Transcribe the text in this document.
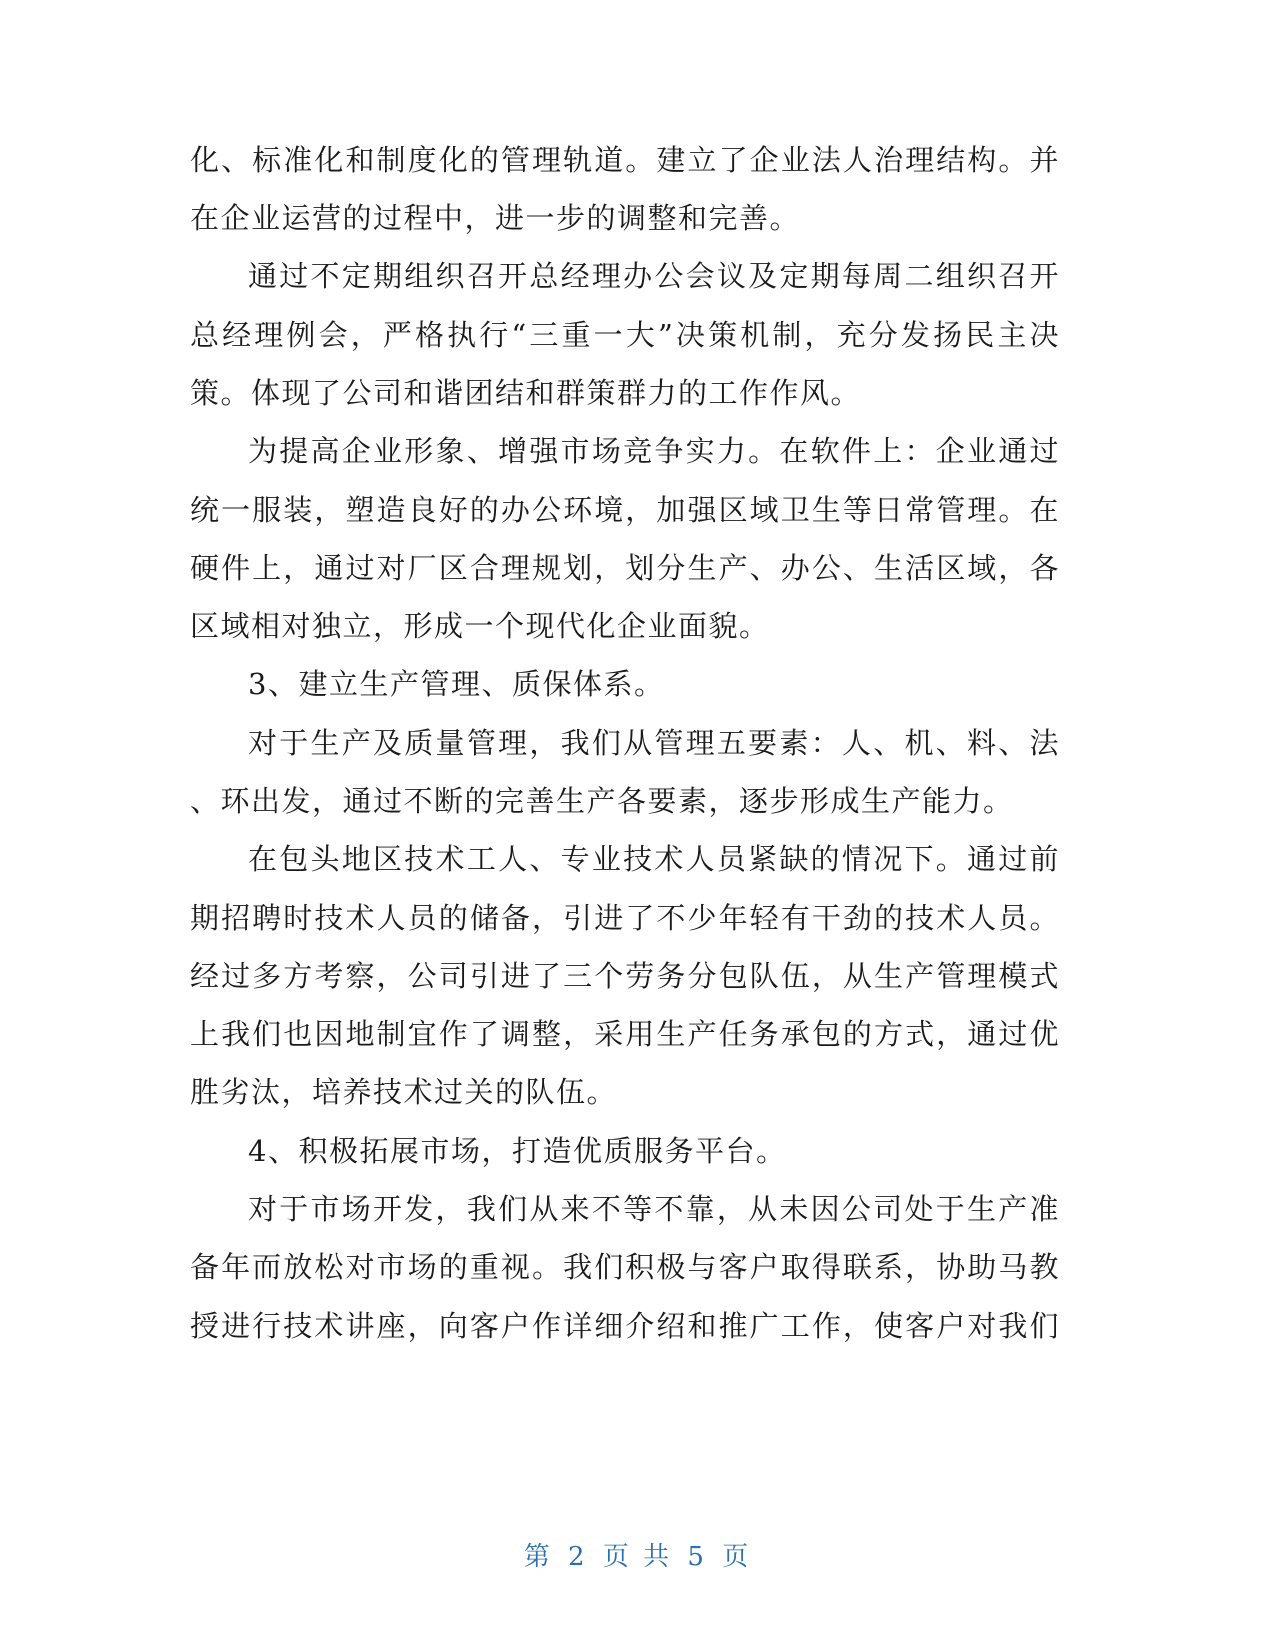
化、标准化和制度化的管理轨道。建立了企业法人治理结构。并
在企业运营的过程中，进一步的调整和完善。
通过不定期组织召开总经理办公会议及定期每周二组织召开
总经理例会，严格执行“三重一大”决策机制，充分发扬民主决
策。体现了公司和谐团结和群策群力的工作作风。
为提高企业形象、增强市场竞争实力。在软件上：企业通过
统一服装，塑造良好的办公环境，加强区域卫生等日常管理。在
硬件上，通过对厂区合理规划，划分生产、办公、生活区域，各
区域相对独立，形成一个现代化企业面貌。
3、建立生产管理、质保体系。
对于生产及质量管理，我们从管理五要素：人、机、料、法
、环出发，通过不断的完善生产各要素，逐步形成生产能力。
在包头地区技术工人、专业技术人员紧缺的情况下。通过前
期招聘时技术人员的储备，引进了不少年轻有干劲的技术人员。
经过多方考察，公司引进了三个劳务分包队伍，从生产管理模式
上我们也因地制宜作了调整，采用生产任务承包的方式，通过优
胜劣汰，培养技术过关的队伍。
4、积极拓展市场，打造优质服务平台。
对于市场开发，我们从来不等不靠，从未因公司处于生产准
备年而放松对市场的重视。我们积极与客户取得联系，协助马教
授进行技术讲座，向客户作详细介绍和推广工作，使客户对我们
第 2 页 共 5 页
